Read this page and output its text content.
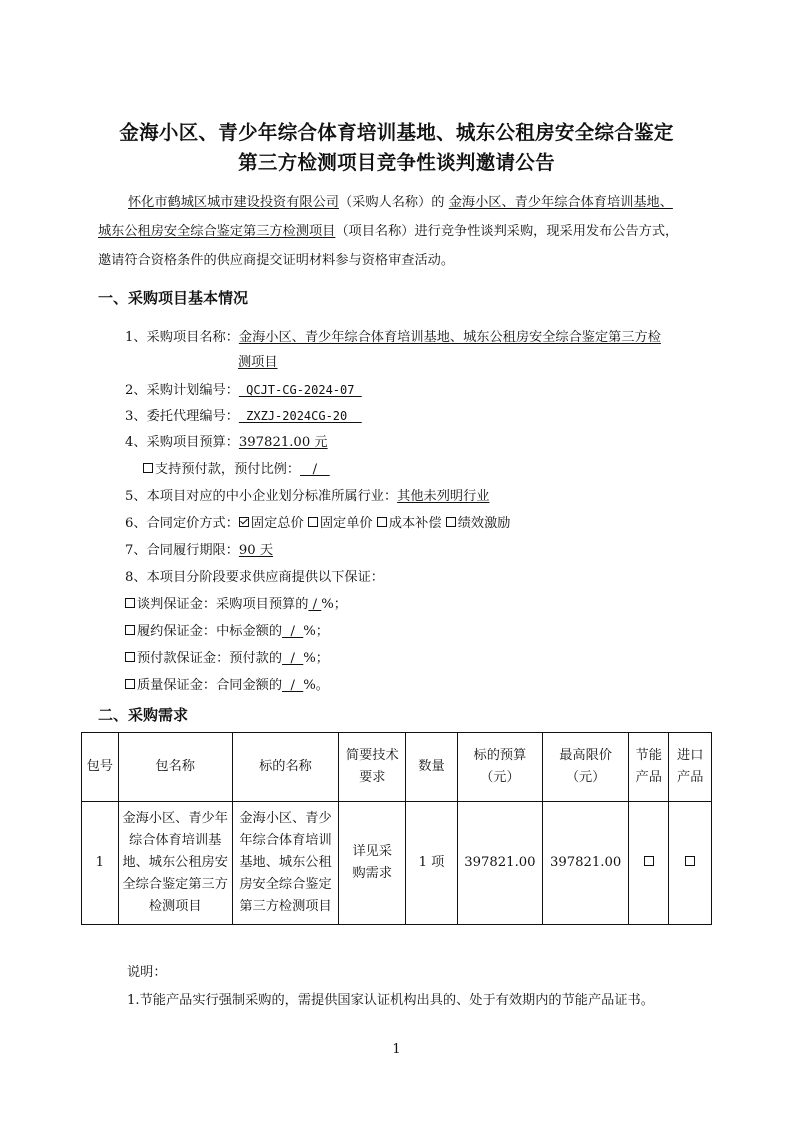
金海小区、青少年综合体育培训基地、城东公租房安全综合鉴定
第三方检测项目竞争性谈判邀请公告
怀化市鹤城区城市建设投资有限公司（采购人名称）的 金海小区、青少年综合体育培训基地、
城东公租房安全综合鉴定第三方检测项目（项目名称）进行竞争性谈判采购，现采用发布公告方式，
邀请符合资格条件的供应商提交证明材料参与资格审查活动。
一、采购项目基本情况
1、采购项目名称：金海小区、青少年综合体育培训基地、城东公租房安全综合鉴定第三方检
测项目
2、采购计划编号： QCJT-CG-2024-07
3、委托代理编号： ZXZJ-2024CG-20
4、采购项目预算：397821.00 元
支持预付款，预付比例：   /
5、本项目对应的中小企业划分标准所属行业：其他未列明行业
6、合同定价方式： 固定总价 固定单价 成本补偿 绩效激励
7、合同履行期限：90 天
8、本项目分阶段要求供应商提供以下保证：
谈判保证金：采购项目预算的 / %；
履约保证金：中标金额的  /  %；
预付款保证金：预付款的  /  %；
质量保证金：合同金额的  /  %。
二、采购需求
包号	包名称	标的名称	简要技术要求	数量	标的预算（元）	最高限价（元）	节能产品	进口产品
1	金海小区、青少年综合体育培训基地、城东公租房安全综合鉴定第三方检测项目	金海小区、青少年综合体育培训基地、城东公租房安全综合鉴定第三方检测项目	详见采购需求	1 项	397821.00	397821.00		
说明：
1.节能产品实行强制采购的，需提供国家认证机构出具的、处于有效期内的节能产品证书。
1
